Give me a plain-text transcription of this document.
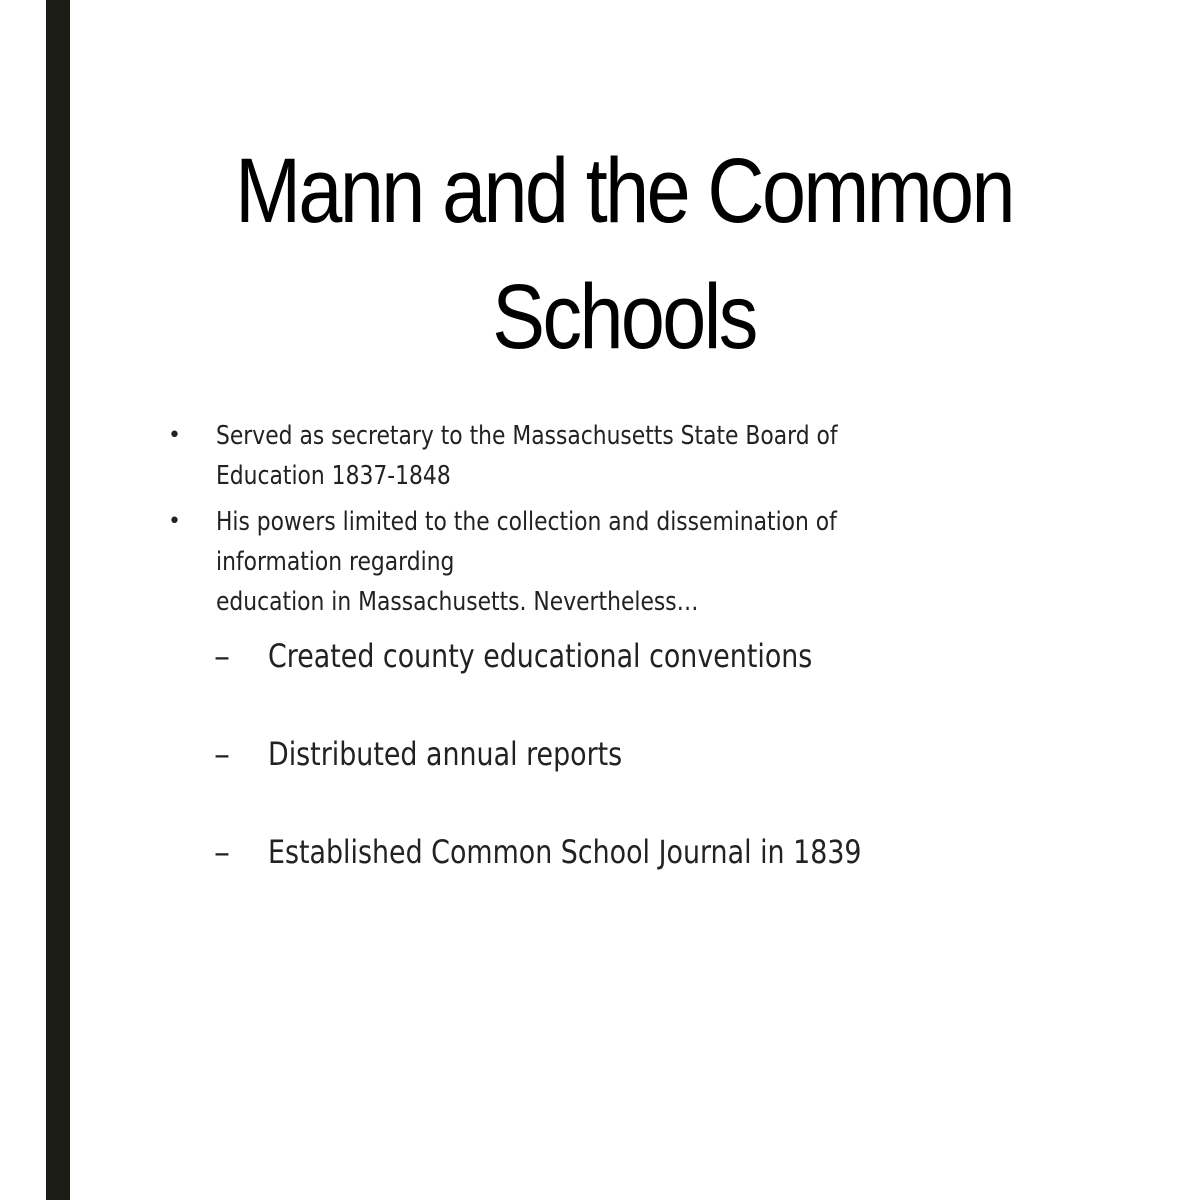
Mann and the Common
Schools
• Served as secretary to the Massachusetts State Board of Education 1837-1848
• His powers limited to the collection and dissemination of information regarding
education in Massachusetts. Nevertheless…
– Created county educational conventions
– Distributed annual reports
– Established Common School Journal in 1839
